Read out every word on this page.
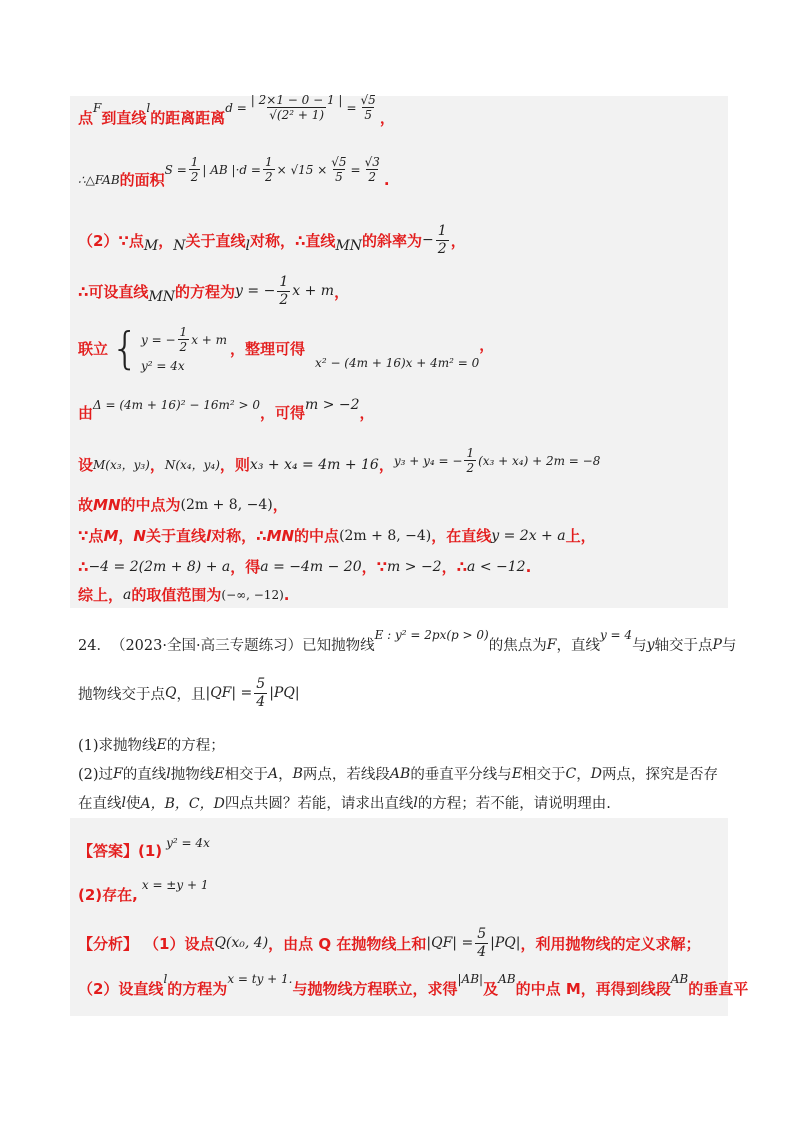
点
F
到直线
l
的距离距离
$d = \frac{| 2\times 1 - 0 - 1 |}{\text{√(2² + 1)}} = \frac{√5}{5}$ ，
∴△FAB 的面积
$S = \frac{1}{2}$ | AB $|\cdot d = \frac{1}{2} \times √15 \times \frac{√5}{5} = \frac{√3}{2}$ .
（2）∵点 M ， N 关于直线 l 对称，∴直线 MN 的斜率为 − $\frac{1}{2}$ ，
∴可设直线 MN 的方程为 y = − $\frac{1}{2}$ x + m ，
联立 { y = − $\frac{1}{2}$ x + m
y² = 4x
，整理可得
x² − (4m + 16)x + 4m² = 0
，
由 Δ = (4m + 16)² − 16m² > 0 ，可得 m > −2 ，
设 M(x₃，y₃) ， N(x₄，y₄) ，则 x₃ + x₄ = 4m + 16 ， y₃ + y₄ = − $\frac{1}{2} (x_3 + x_4) + 2m = -8$
故 MN 的中点为 (2m + 8, −4) ，
∵点 M ， N 关于直线 l 对称，∴ MN 的中点 (2m + 8, −4) ，在直线 y = 2x + a 上，
∴ −4 = 2(2m + 8) + a ，得 a = −4m − 20 ，∵ m > −2 ，∴ a < −12 .
综上， a 的取值范围为 (−∞, −12) .
24． （2023·全国·高三专题练习） 已知抛物线
E : y² = 2px(p > 0)
的焦点为 F ，直线
y = 4
与 y 轴交于点 P 与
抛物线交于点 Q ，且 $|QF| = \frac{5}{4} |PQ|$
(1)求抛物线 E 的方程；
(2)过 F 的直线 l 抛物线 E 相交于 A ， B 两点，若线段 AB 的垂直平分线与 E 相交于 C ， D 两点，探究是否存
在直线 l 使 A，B，C，D 四点共圆？若能，请求出直线 l 的方程；若不能，请说明理由.
【答案】(1) y² = 4x
(2)存在,
x = ±y + 1
【分析】 （1）设点 Q(x₀, 4) ，由点 Q 在抛物线上和 $|QF| = \frac{5}{4} |PQ|$ ，利用抛物线的定义求解；
（2）设直线
l
的方程为
x = ty + 1.
与抛物线方程联立，求得
|AB|
及
AB
的中点 M，再得到线段
AB
的垂直平
